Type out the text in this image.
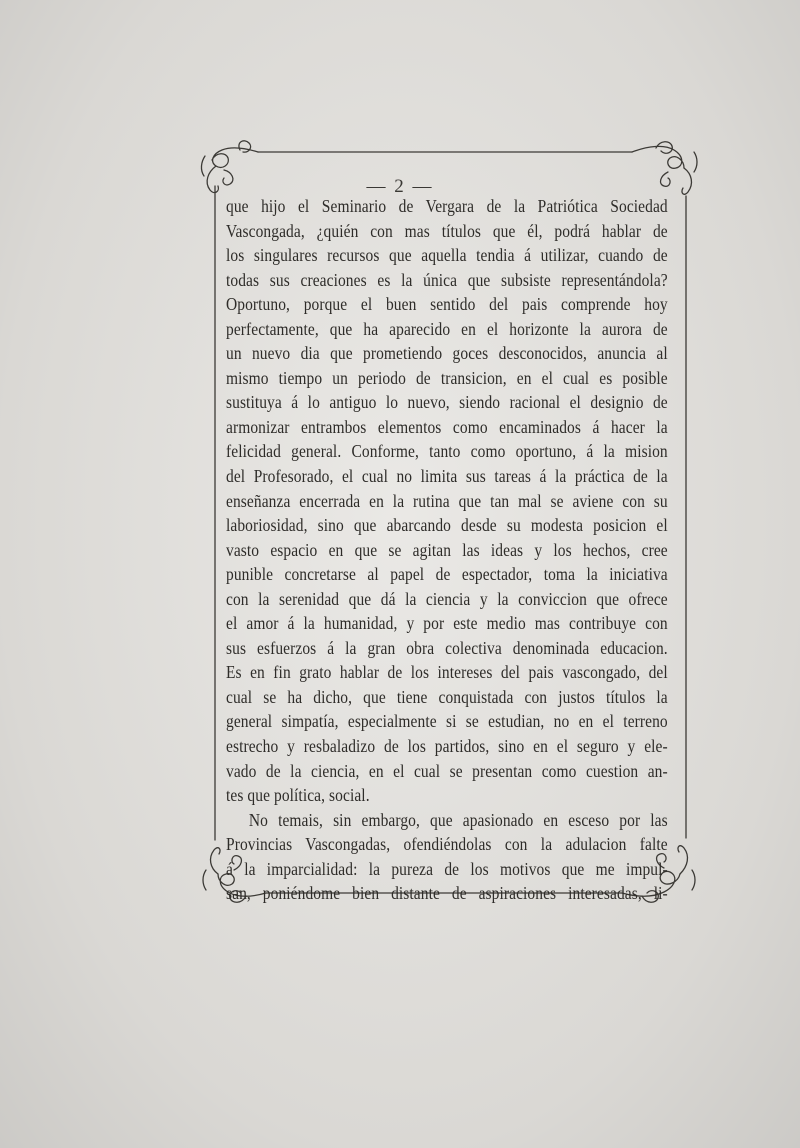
— 2 —
que hijo el Seminario de Vergara de la Patriótica Sociedad
Vascongada, ¿quién con mas títulos que él, podrá hablar de
los singulares recursos que aquella tendia á utilizar, cuando de
todas sus creaciones es la única que subsiste representándola?
Oportuno, porque el buen sentido del pais comprende hoy
perfectamente, que ha aparecido en el horizonte la aurora de
un nuevo dia que prometiendo goces desconocidos, anuncia al
mismo tiempo un periodo de transicion, en el cual es posible
sustituya á lo antiguo lo nuevo, siendo racional el designio de
armonizar entrambos elementos como encaminados á hacer la
felicidad general. Conforme, tanto como oportuno, á la mision
del Profesorado, el cual no limita sus tareas á la práctica de la
enseñanza encerrada en la rutina que tan mal se aviene con su
laboriosidad, sino que abarcando desde su modesta posicion el
vasto espacio en que se agitan las ideas y los hechos, cree
punible concretarse al papel de espectador, toma la iniciativa
con la serenidad que dá la ciencia y la conviccion que ofrece
el amor á la humanidad, y por este medio mas contribuye con
sus esfuerzos á la gran obra colectiva denominada educacion.
Es en fin grato hablar de los intereses del pais vascongado, del
cual se ha dicho, que tiene conquistada con justos títulos la
general simpatía, especialmente si se estudian, no en el terreno
estrecho y resbaladizo de los partidos, sino en el seguro y ele-
vado de la ciencia, en el cual se presentan como cuestion an-
tes que política, social.
No temais, sin embargo, que apasionado en esceso por las
Provincias Vascongadas, ofendiéndolas con la adulacion falte
á la imparcialidad: la pureza de los motivos que me impul-
san, poniéndome bien distante de aspiraciones interesadas, li-
